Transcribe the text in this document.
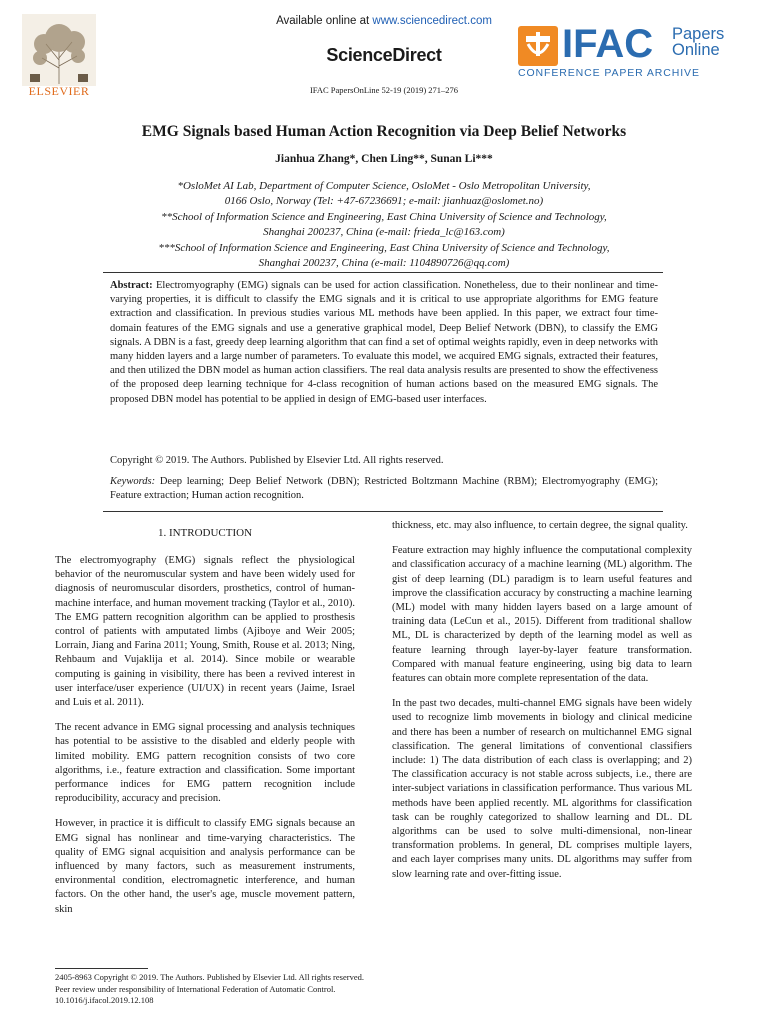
ELSEVIER
Available online at www.sciencedirect.com
ScienceDirect
IFAC PapersOnLine 52-19 (2019) 271–276
IFAC Papers
Online
CONFERENCE PAPER ARCHIVE
EMG Signals based Human Action Recognition via Deep Belief Networks
Jianhua Zhang*, Chen Ling**, Sunan Li***
*OsloMet AI Lab, Department of Computer Science, OsloMet - Oslo Metropolitan University,
0166 Oslo, Norway (Tel: +47-67236691; e-mail: jianhuaz@oslomet.no)
**School of Information Science and Engineering, East China University of Science and Technology,
Shanghai 200237, China (e-mail: frieda_lc@163.com)
***School of Information Science and Engineering, East China University of Science and Technology,
Shanghai 200237, China (e-mail: 1104890726@qq.com)
Abstract: Electromyography (EMG) signals can be used for action classification. Nonetheless, due to their nonlinear and time-varying properties, it is difficult to classify the EMG signals and it is critical to use appropriate algorithms for EMG feature extraction and classification. In previous studies various ML methods have been applied. In this paper, we extract four time-domain features of the EMG signals and use a generative graphical model, Deep Belief Network (DBN), to classify the EMG signals. A DBN is a fast, greedy deep learning algorithm that can find a set of optimal weights rapidly, even in deep networks with many hidden layers and a large number of parameters. To evaluate this model, we acquired EMG signals, extracted their features, and then utilized the DBN model as human action classifiers. The real data analysis results are presented to show the effectiveness of the proposed deep learning technique for 4-class recognition of human actions based on the measured EMG signals. The proposed DBN model has potential to be applied in design of EMG-based user interfaces.
Copyright © 2019. The Authors. Published by Elsevier Ltd. All rights reserved.
Keywords: Deep learning; Deep Belief Network (DBN); Restricted Boltzmann Machine (RBM); Electromyography (EMG); Feature extraction; Human action recognition.
1. INTRODUCTION

The electromyography (EMG) signals reflect the physiological behavior of the neuromuscular system and have been widely used for diagnosis of neuromuscular disorders, prosthetics, control of human-machine interface, and human movement tracking (Taylor et al., 2010). The EMG pattern recognition algorithm can be applied to prosthesis control of patients with amputated limbs (Ajiboye and Weir 2005; Lorrain, Jiang and Farina 2011; Young, Smith, Rouse et al. 2013; Ning, Rehbaum and Vujaklija et al. 2014). Since mobile or wearable computing is gaining in visibility, there has been a revived interest in user interface/user experience (UI/UX) in recent years (Jaime, Israel and Luis et al. 2011).

The recent advance in EMG signal processing and analysis techniques has potential to be assistive to the disabled and elderly people with limited mobility. EMG pattern recognition consists of two core algorithms, i.e., feature extraction and classification. Some important performance indices for EMG pattern recognition include reproducibility, accuracy and precision.

However, in practice it is difficult to classify EMG signals because an EMG signal has nonlinear and time-varying characteristics. The quality of EMG signal acquisition and analysis performance can be influenced by many factors, such as measurement instruments, environmental condition, electromagnetic interference, and human factors. On the other hand, the user's age, muscle movement pattern, skin

thickness, etc. may also influence, to certain degree, the signal quality.

Feature extraction may highly influence the computational complexity and classification accuracy of a machine learning (ML) algorithm. The gist of deep learning (DL) paradigm is to learn useful features and improve the classification accuracy by constructing a machine learning (ML) model with many hidden layers based on a large amount of training data (LeCun et al., 2015). Different from traditional shallow ML, DL is characterized by depth of the learning model as well as feature learning through layer-by-layer feature transformation. Compared with manual feature engineering, using big data to learn features can obtain more complete representation of the data.

In the past two decades, multi-channel EMG signals have been widely used to recognize limb movements in biology and clinical medicine and there has been a number of research on multichannel EMG signal classification. The general limitations of conventional classifiers include: 1) The data distribution of each class is overlapping; and 2) The classification accuracy is not stable across subjects, i.e., there are inter-subject variations in classification performance. Thus various ML methods have been applied recently. ML algorithms for classification task can be roughly categorized to shallow learning and DL. DL algorithms can be used to solve multi-dimensional, non-linear transformation problems. In general, DL comprises multiple layers, and each layer comprises many units. DL algorithms may suffer from slow learning rate and over-fitting issue.

2405-8963 Copyright © 2019. The Authors. Published by Elsevier Ltd. All rights reserved.
Peer review under responsibility of International Federation of Automatic Control.
10.1016/j.ifacol.2019.12.108
